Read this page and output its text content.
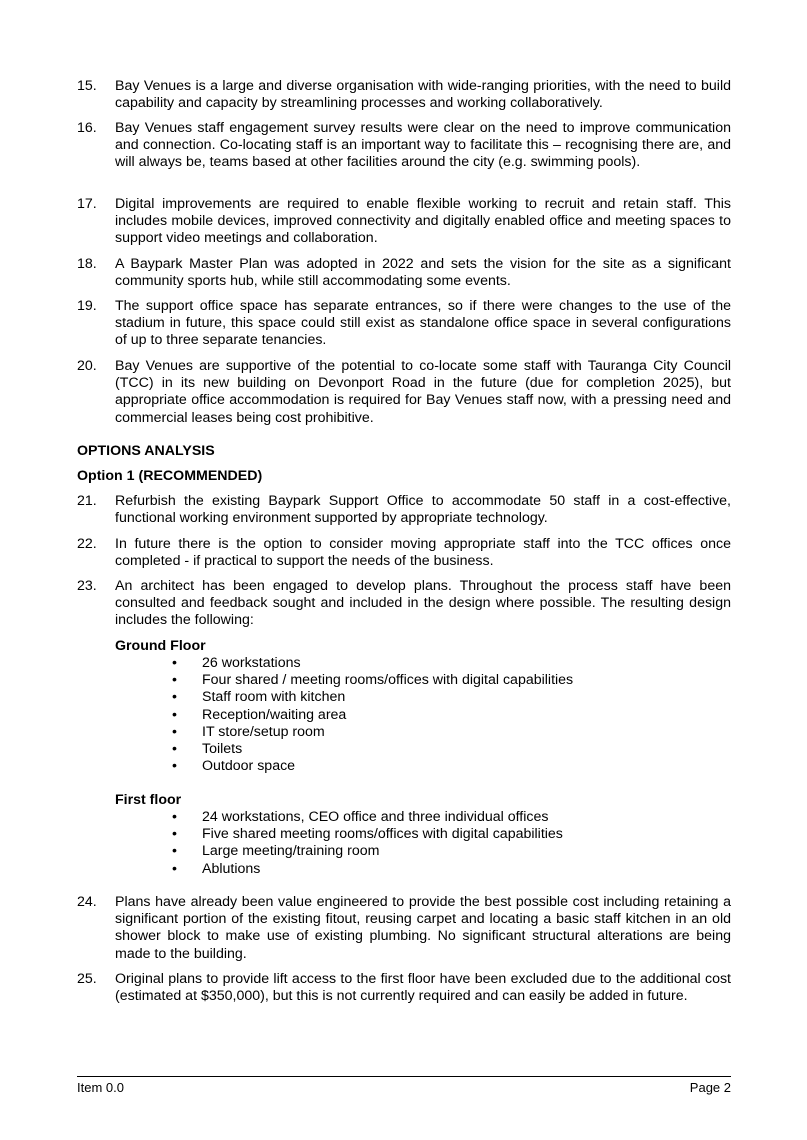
15.	Bay Venues is a large and diverse organisation with wide-ranging priorities, with the need to build capability and capacity by streamlining processes and working collaboratively.
16.	Bay Venues staff engagement survey results were clear on the need to improve communication and connection. Co-locating staff is an important way to facilitate this – recognising there are, and will always be, teams based at other facilities around the city (e.g. swimming pools).
17.	Digital improvements are required to enable flexible working to recruit and retain staff. This includes mobile devices, improved connectivity and digitally enabled office and meeting spaces to support video meetings and collaboration.
18.	A Baypark Master Plan was adopted in 2022 and sets the vision for the site as a significant community sports hub, while still accommodating some events.
19.	The support office space has separate entrances, so if there were changes to the use of the stadium in future, this space could still exist as standalone office space in several configurations of up to three separate tenancies.
20.	Bay Venues are supportive of the potential to co-locate some staff with Tauranga City Council (TCC) in its new building on Devonport Road in the future (due for completion 2025), but appropriate office accommodation is required for Bay Venues staff now, with a pressing need and commercial leases being cost prohibitive.
OPTIONS ANALYSIS
Option 1 (RECOMMENDED)
21.	Refurbish the existing Baypark Support Office to accommodate 50 staff in a cost-effective, functional working environment supported by appropriate technology.
22.	In future there is the option to consider moving appropriate staff into the TCC offices once completed - if practical to support the needs of the business.
23.	An architect has been engaged to develop plans. Throughout the process staff have been consulted and feedback sought and included in the design where possible. The resulting design includes the following:
Ground Floor
• 26 workstations
• Four shared / meeting rooms/offices with digital capabilities
• Staff room with kitchen
• Reception/waiting area
• IT store/setup room
• Toilets
• Outdoor space
First floor
• 24 workstations, CEO office and three individual offices
• Five shared meeting rooms/offices with digital capabilities
• Large meeting/training room
• Ablutions
24.	Plans have already been value engineered to provide the best possible cost including retaining a significant portion of the existing fitout, reusing carpet and locating a basic staff kitchen in an old shower block to make use of existing plumbing. No significant structural alterations are being made to the building.
25.	Original plans to provide lift access to the first floor have been excluded due to the additional cost (estimated at $350,000), but this is not currently required and can easily be added in future.
Item 0.0	Page 2
